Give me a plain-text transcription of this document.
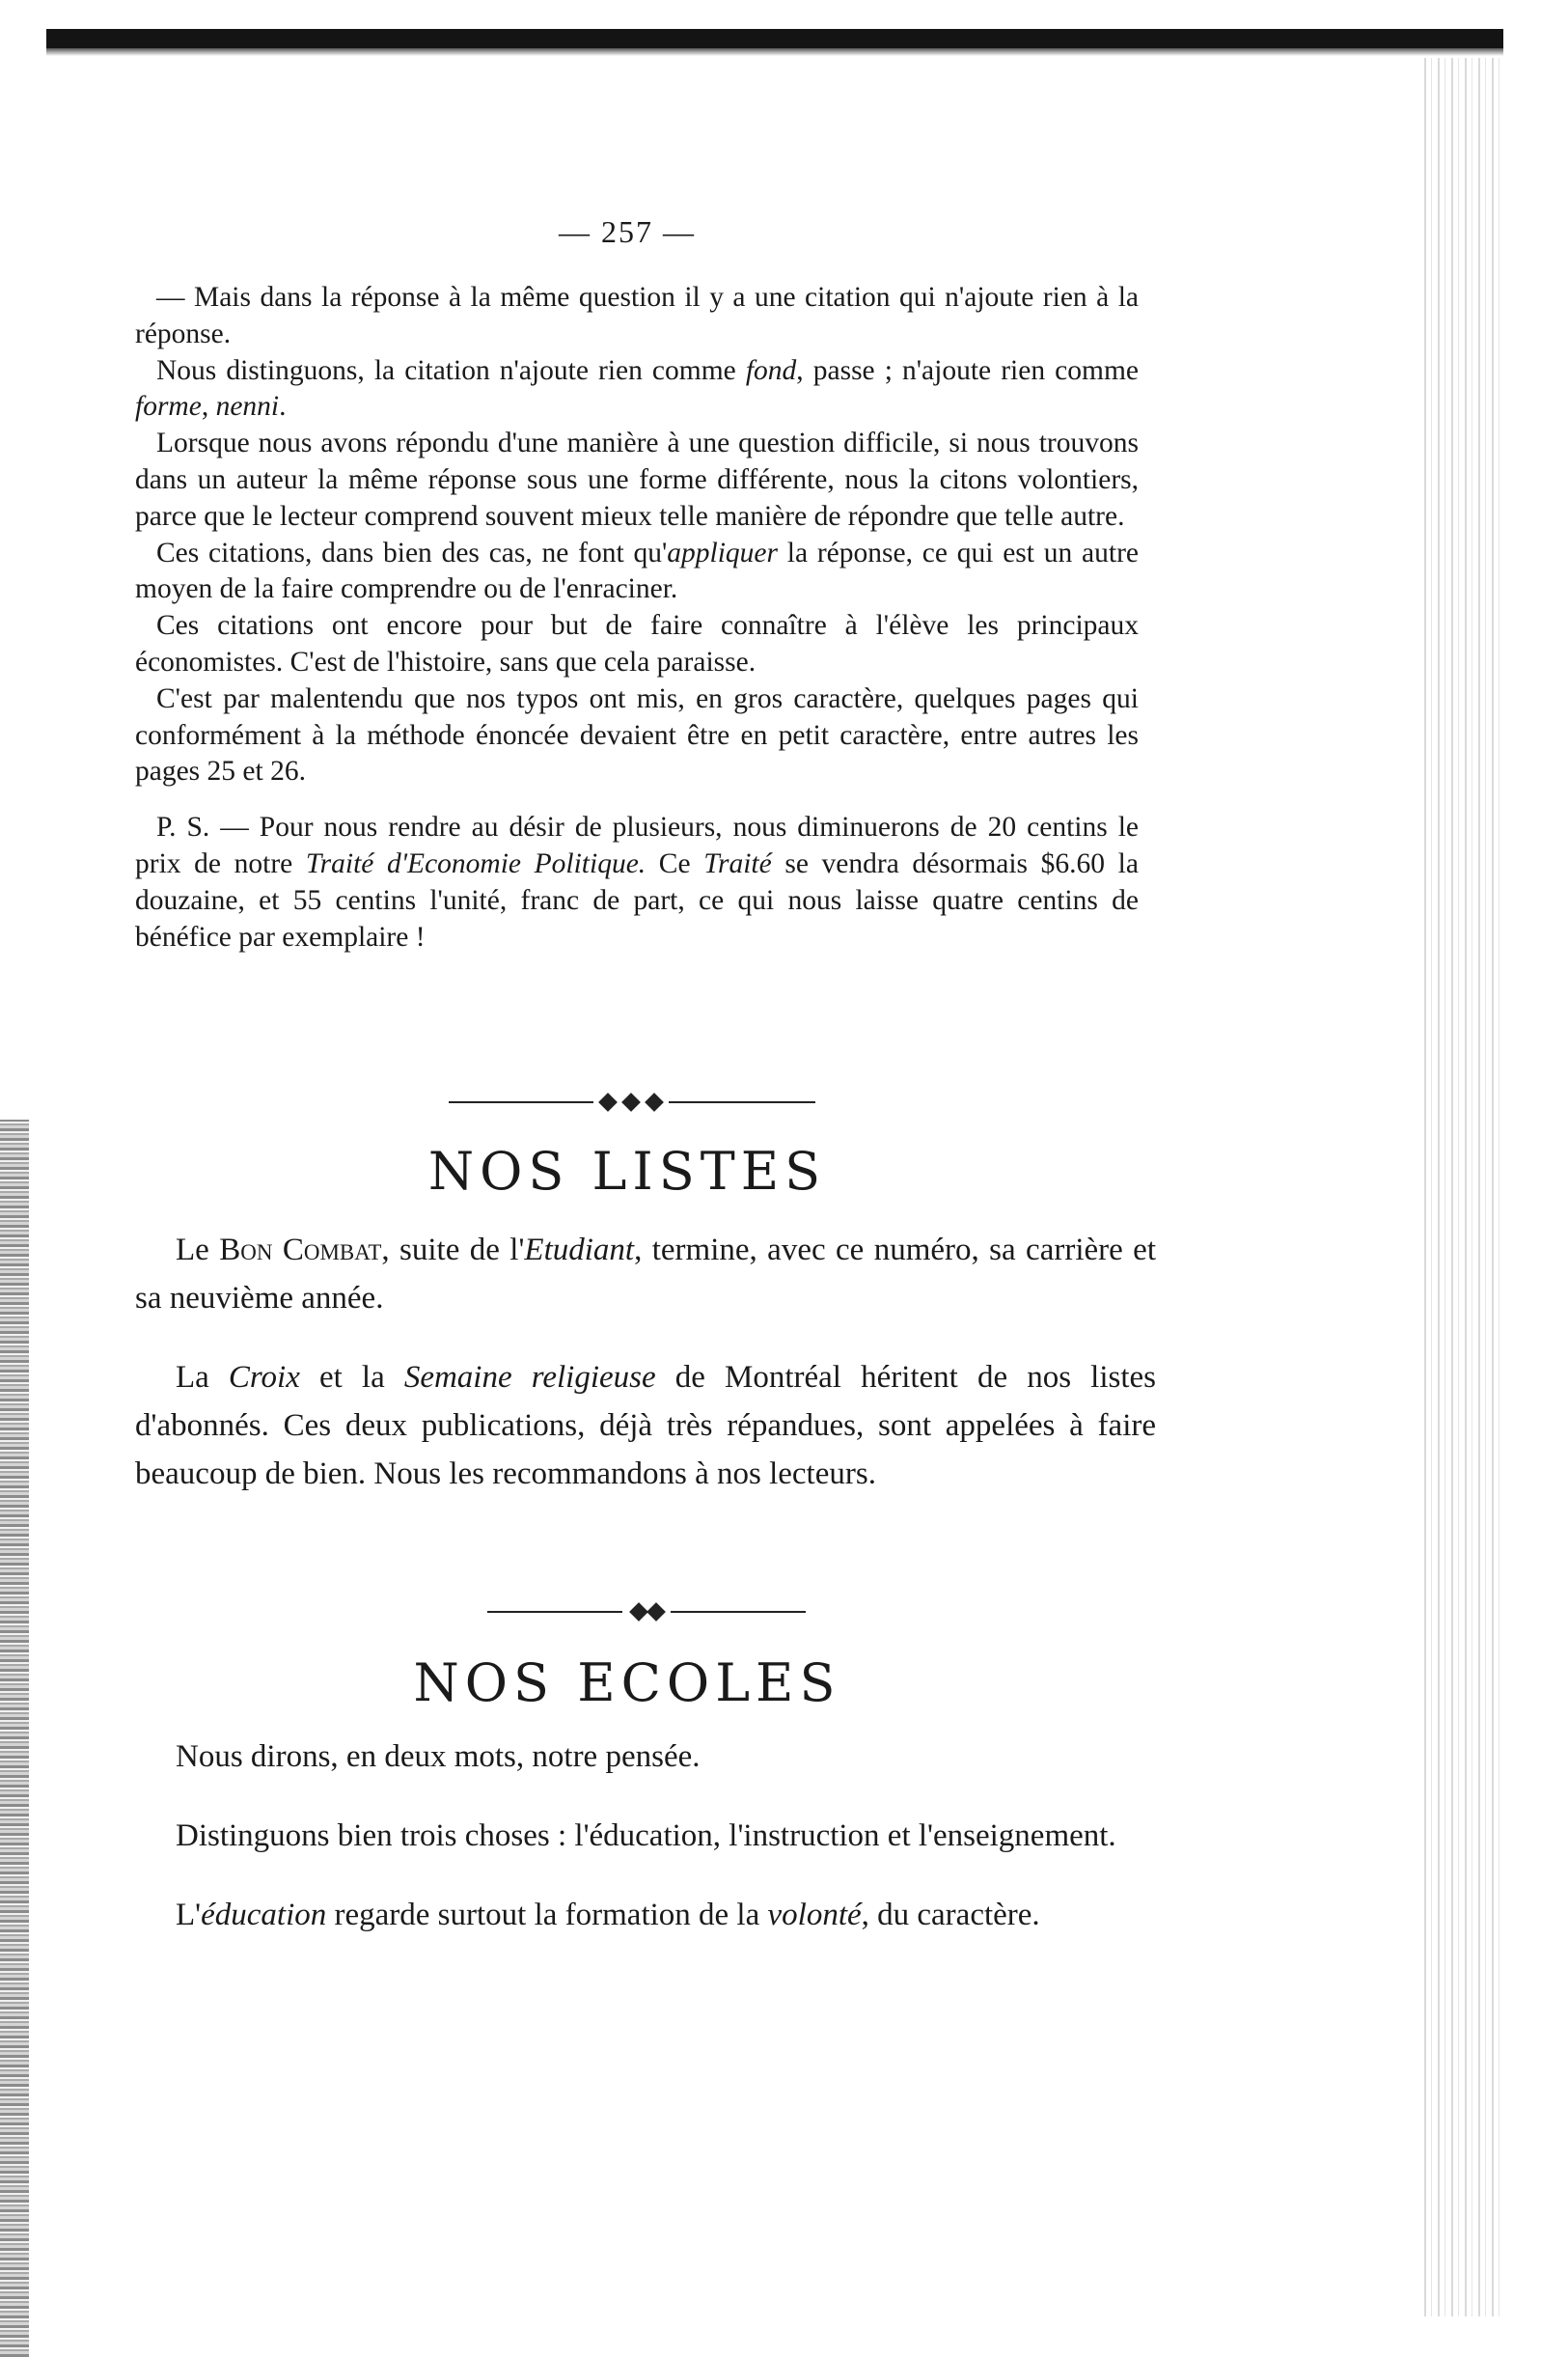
— 257 —

— Mais dans la réponse à la même question il y a une citation qui n'ajoute rien à la réponse.

Nous distinguons, la citation n'ajoute rien comme fond, passe ; n'ajoute rien comme forme, nenni.

Lorsque nous avons répondu d'une manière à une question difficile, si nous trouvons dans un auteur la même réponse sous une forme différente, nous la citons volontiers, parce que le lecteur comprend souvent mieux telle manière de répondre que telle autre.

Ces citations, dans bien des cas, ne font qu'appliquer la réponse, ce qui est un autre moyen de la faire comprendre ou de l'enraciner.

Ces citations ont encore pour but de faire connaître à l'élève les principaux économistes. C'est de l'histoire, sans que cela paraisse.

C'est par malentendu que nos typos ont mis, en gros caractère, quelques pages qui conformément à la méthode énoncée devaient être en petit caractère, entre autres les pages 25 et 26.

P. S. — Pour nous rendre au désir de plusieurs, nous diminuerons de 20 centins le prix de notre Traité d'Economie Politique. Ce Traité se vendra désormais $6.60 la douzaine, et 55 centins l'unité, franc de part, ce qui nous laisse quatre centins de bénéfice par exemplaire !

NOS LISTES

Le Bon Combat, suite de l'Etudiant, termine, avec ce numéro, sa carrière et sa neuvième année.

La Croix et la Semaine religieuse de Montréal héritent de nos listes d'abonnés. Ces deux publications, déjà très répandues, sont appelées à faire beaucoup de bien. Nous les recommandons à nos lecteurs.

NOS ECOLES

Nous dirons, en deux mots, notre pensée.

Distinguons bien trois choses : l'éducation, l'instruction et l'enseignement.

L'éducation regarde surtout la formation de la volonté, du caractère.
